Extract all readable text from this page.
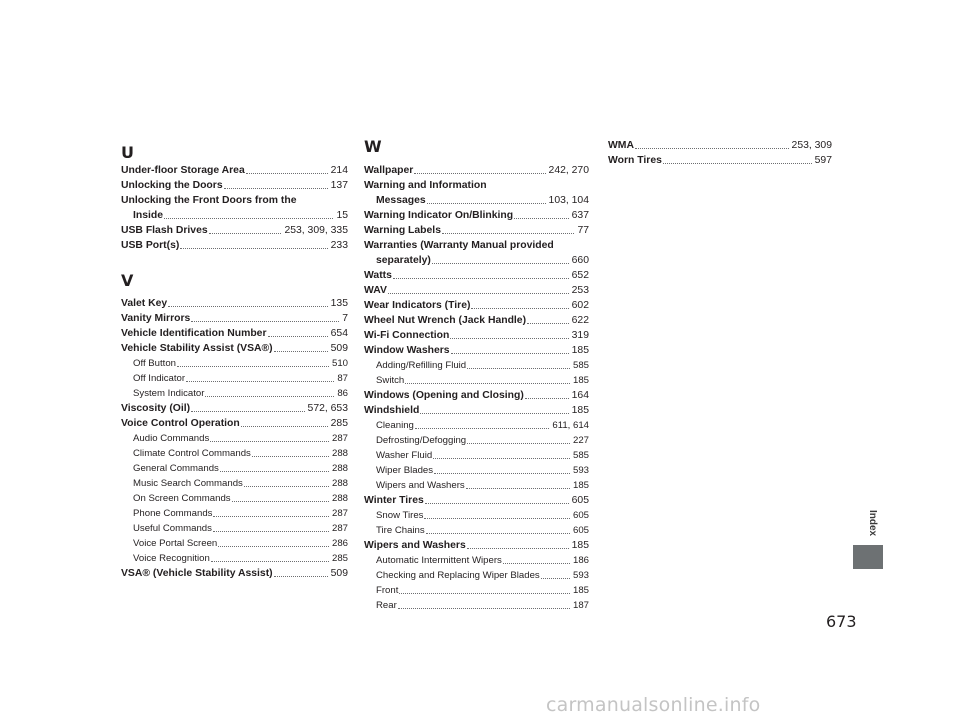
U
Under-floor Storage Area	214
Unlocking the Doors	137
Unlocking the Front Doors from the
Inside	15
USB Flash Drives	253, 309, 335
USB Port(s)	233
V
Valet Key	135
Vanity Mirrors	7
Vehicle Identification Number	654
Vehicle Stability Assist (VSA®)	509
Off Button	510
Off Indicator	87
System Indicator	86
Viscosity (Oil)	572, 653
Voice Control Operation	285
Audio Commands	287
Climate Control Commands	288
General Commands	288
Music Search Commands	288
On Screen Commands	288
Phone Commands	287
Useful Commands	287
Voice Portal Screen	286
Voice Recognition	285
VSA® (Vehicle Stability Assist)	509
W
Wallpaper	242, 270
Warning and Information
Messages	103, 104
Warning Indicator On/Blinking	637
Warning Labels	77
Warranties (Warranty Manual provided
separately)	660
Watts	652
WAV	253
Wear Indicators (Tire)	602
Wheel Nut Wrench (Jack Handle)	622
Wi-Fi Connection	319
Window Washers	185
Adding/Refilling Fluid	585
Switch	185
Windows (Opening and Closing)	164
Windshield	185
Cleaning	611, 614
Defrosting/Defogging	227
Washer Fluid	585
Wiper Blades	593
Wipers and Washers	185
Winter Tires	605
Snow Tires	605
Tire Chains	605
Wipers and Washers	185
Automatic Intermittent Wipers	186
Checking and Replacing Wiper Blades	593
Front	185
Rear	187
WMA	253, 309
Worn Tires	597
Index
673
carmanualsonline.info
